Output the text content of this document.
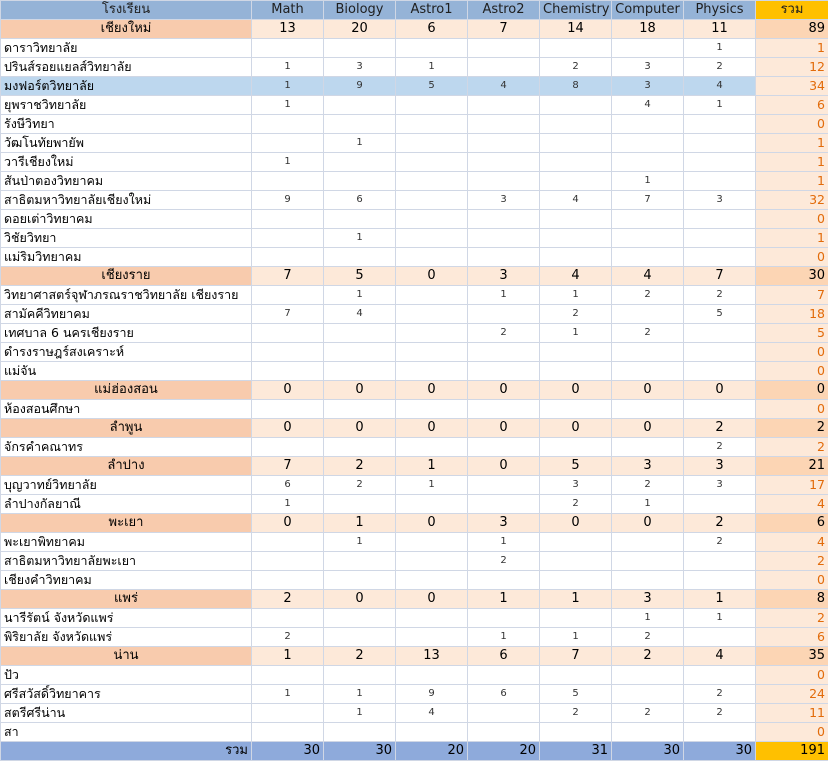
โรงเรียน	Math	Biology	Astro1	Astro2	Chemistry	Computer	Physics	รวม
เชียงใหม่	13	20	6	7	14	18	11	89
ดาราวิทยาลัย							1	1
ปรินส์รอยแยลส์วิทยาลัย	1	3	1		2	3	2	12
มงฟอร์ตวิทยาลัย	1	9	5	4	8	3	4	34
ยุพราชวิทยาลัย	1					4	1	6
รังษีวิทยา								0
วัฒโนทัยพายัพ		1						1
วารีเชียงใหม่	1							1
สันป่าตองวิทยาคม						1		1
สาธิตมหาวิทยาลัยเชียงใหม่	9	6		3	4	7	3	32
ดอยเต่าวิทยาคม								0
วิชัยวิทยา		1						1
แม่ริมวิทยาคม								0
เชียงราย	7	5	0	3	4	4	7	30
วิทยาศาสตร์จุฬาภรณราชวิทยาลัย เชียงราย		1		1	1	2	2	7
สามัคคีวิทยาคม	7	4			2		5	18
เทศบาล 6 นครเชียงราย				2	1	2		5
ดำรงราษฎร์สงเคราะห์								0
แม่จัน								0
แม่ฮ่องสอน	0	0	0	0	0	0	0	0
ห้องสอนศึกษา								0
ลำพูน	0	0	0	0	0	0	2	2
จักรคำคณาทร							2	2
ลำปาง	7	2	1	0	5	3	3	21
บุญวาทย์วิทยาลัย	6	2	1		3	2	3	17
ลำปางกัลยาณี	1				2	1		4
พะเยา	0	1	0	3	0	0	2	6
พะเยาพิทยาคม		1		1			2	4
สาธิตมหาวิทยาลัยพะเยา				2				2
เชียงคำวิทยาคม								0
แพร่	2	0	0	1	1	3	1	8
นารีรัตน์ จังหวัดแพร่						1	1	2
พิริยาลัย จังหวัดแพร่	2			1	1	2		6
น่าน	1	2	13	6	7	2	4	35
ปัว								0
ศรีสวัสดิ์วิทยาคาร	1	1	9	6	5		2	24
สตรีศรีน่าน		1	4		2	2	2	11
สา								0
รวม	30	30	20	20	31	30	30	191
